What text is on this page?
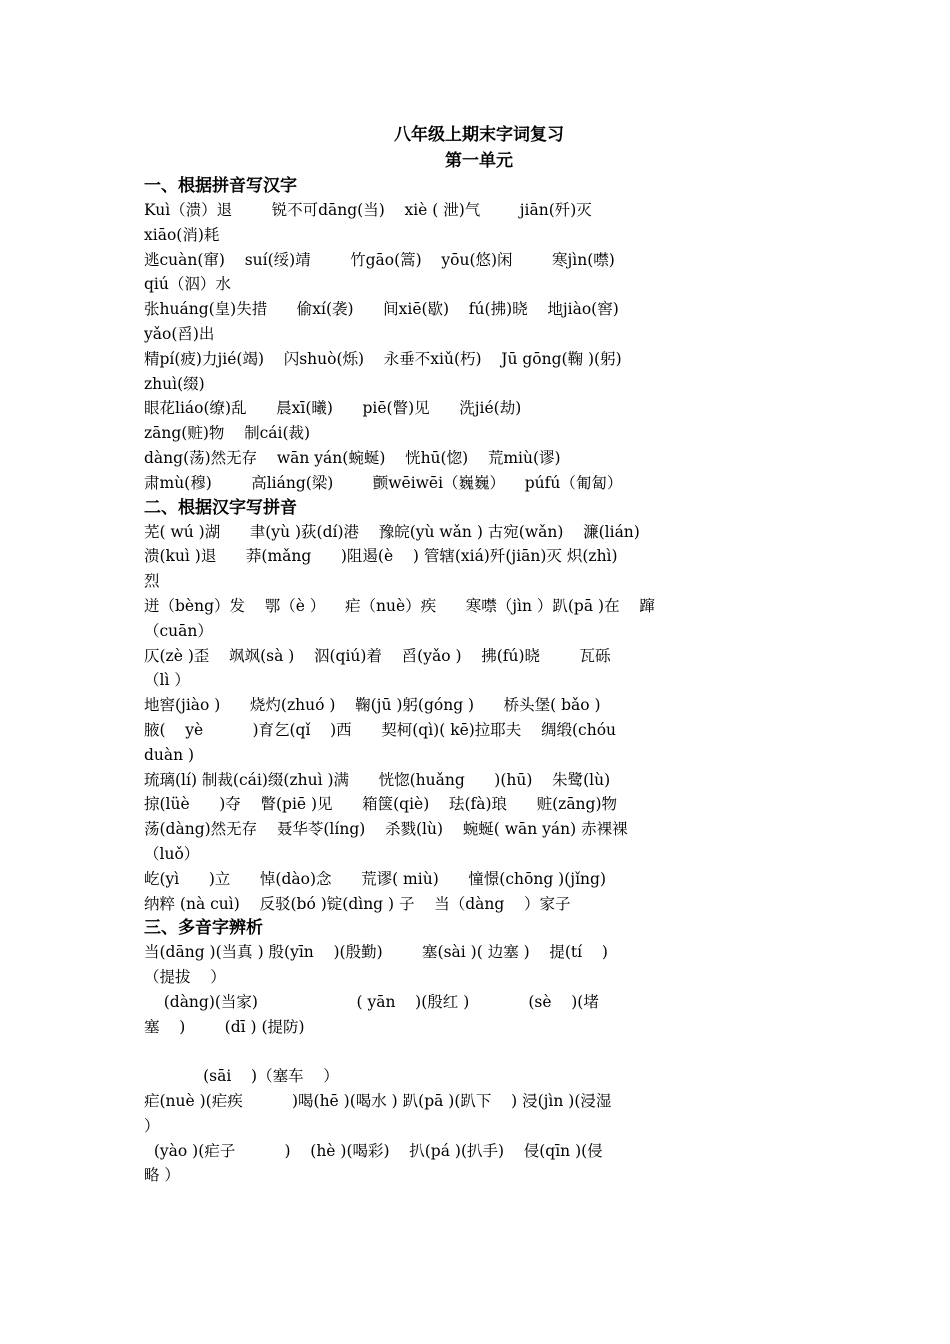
八年级上期末字词复习
第一单元
一、根据拼音写汉字
Kuì（溃）退        锐不可dāng(当)    xiè ( 泄)气        jiān(歼)灭
xiāo(消)耗
逃cuàn(窜)    suí(绥)靖        竹gāo(篙)    yōu(悠)闲        寒jìn(噤)
qiú（泅）水
张huáng(皇)失措      偷xí(袭)      间xiē(歇)    fú(拂)晓    地jiào(窖)
yǎo(舀)出
精pí(疲)力jié(竭)    闪shuò(烁)    永垂不xiǔ(朽)    Jū gōng(鞠 )(躬)
zhuì(缀)
眼花liáo(缭)乱      晨xī(曦)      piē(瞥)见      洗jié(劫)
zāng(赃)物    制cái(裁)
dàng(荡)然无存    wān yán(蜿蜒)    恍hū(惚)    荒miù(谬)
肃mù(穆)        高liáng(梁)        颤wēiwēi（巍巍）    púfú（匍匐）
二、根据汉字写拼音
芜( wú )湖      聿(yù )荻(dí)港    豫皖(yù wǎn ) 古宛(wǎn)    濂(lián)
溃(kuì )退      莽(mǎng      )阻遏(è    ) 管辖(xiá)歼(jiān)灭 炽(zhì)
烈
迸（bèng）发    鄂（è ）    疟（nuè）疾      寒噤（jìn ）趴(pā )在    蹿
（cuān）
仄(zè )歪    飒飒(sà )    泅(qiú)着    舀(yǎo )    拂(fú)晓        瓦砾
（lì ）
地窖(jiào )      烧灼(zhuó )    鞠(jū )躬(góng )      桥头堡( bǎo )
腋(    yè          )育乞(qǐ    )西      契柯(qì)( kē)拉耶夫    绸缎(chóu
duàn )
琉璃(lí) 制裁(cái)缀(zhuì )满      恍惚(huǎng      )(hū)    朱鹭(lù)
掠(lüè      )夺    瞥(piē )见      箱箧(qiè)    珐(fà)琅      赃(zāng)物
荡(dàng)然无存    聂华苓(líng)    杀戮(lù)    蜿蜒( wān yán) 赤裸裸
（luǒ）
屹(yì      )立      悼(dào)念      荒谬( miù)      憧憬(chōng )(jǐng)
纳粹 (nà cuì)    反驳(bó )锭(dìng ) 子    当（dàng    ）家子
三、多音字辨析
当(dāng )(当真 ) 殷(yīn    )(殷勤)        塞(sài )( 边塞 )    提(tí    )
（提拔    ）
(dàng)(当家)                    ( yān    )(殷红 )            (sè    )(堵
塞    )        (dī ) (提防)
(sāi    )（塞车    ）
疟(nuè )(疟疾          )喝(hē )(喝水 ) 趴(pā )(趴下    ) 浸(jìn )(浸湿
）
(yào )(疟子          )    (hè )(喝彩)    扒(pá )(扒手)    侵(qīn )(侵
略 ）
